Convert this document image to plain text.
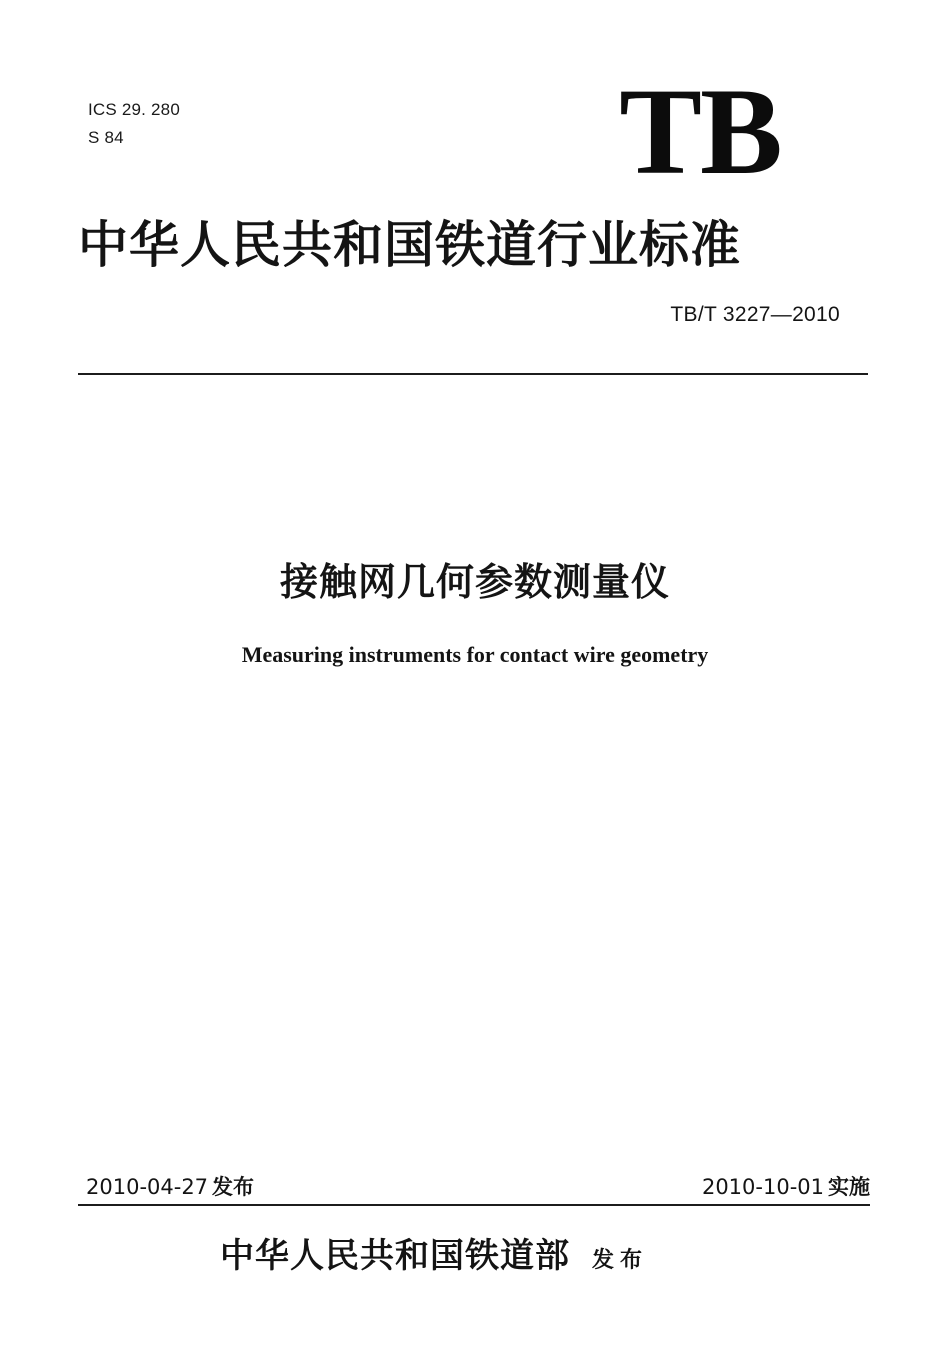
ICS 29. 280
S 84	TB
中华人民共和国铁道行业标准
TB/T 3227—2010
接触网几何参数测量仪
Measuring instruments for contact wire geometry
2010-04-27 发布	2010-10-01 实施
中华人民共和国铁道部 发布
